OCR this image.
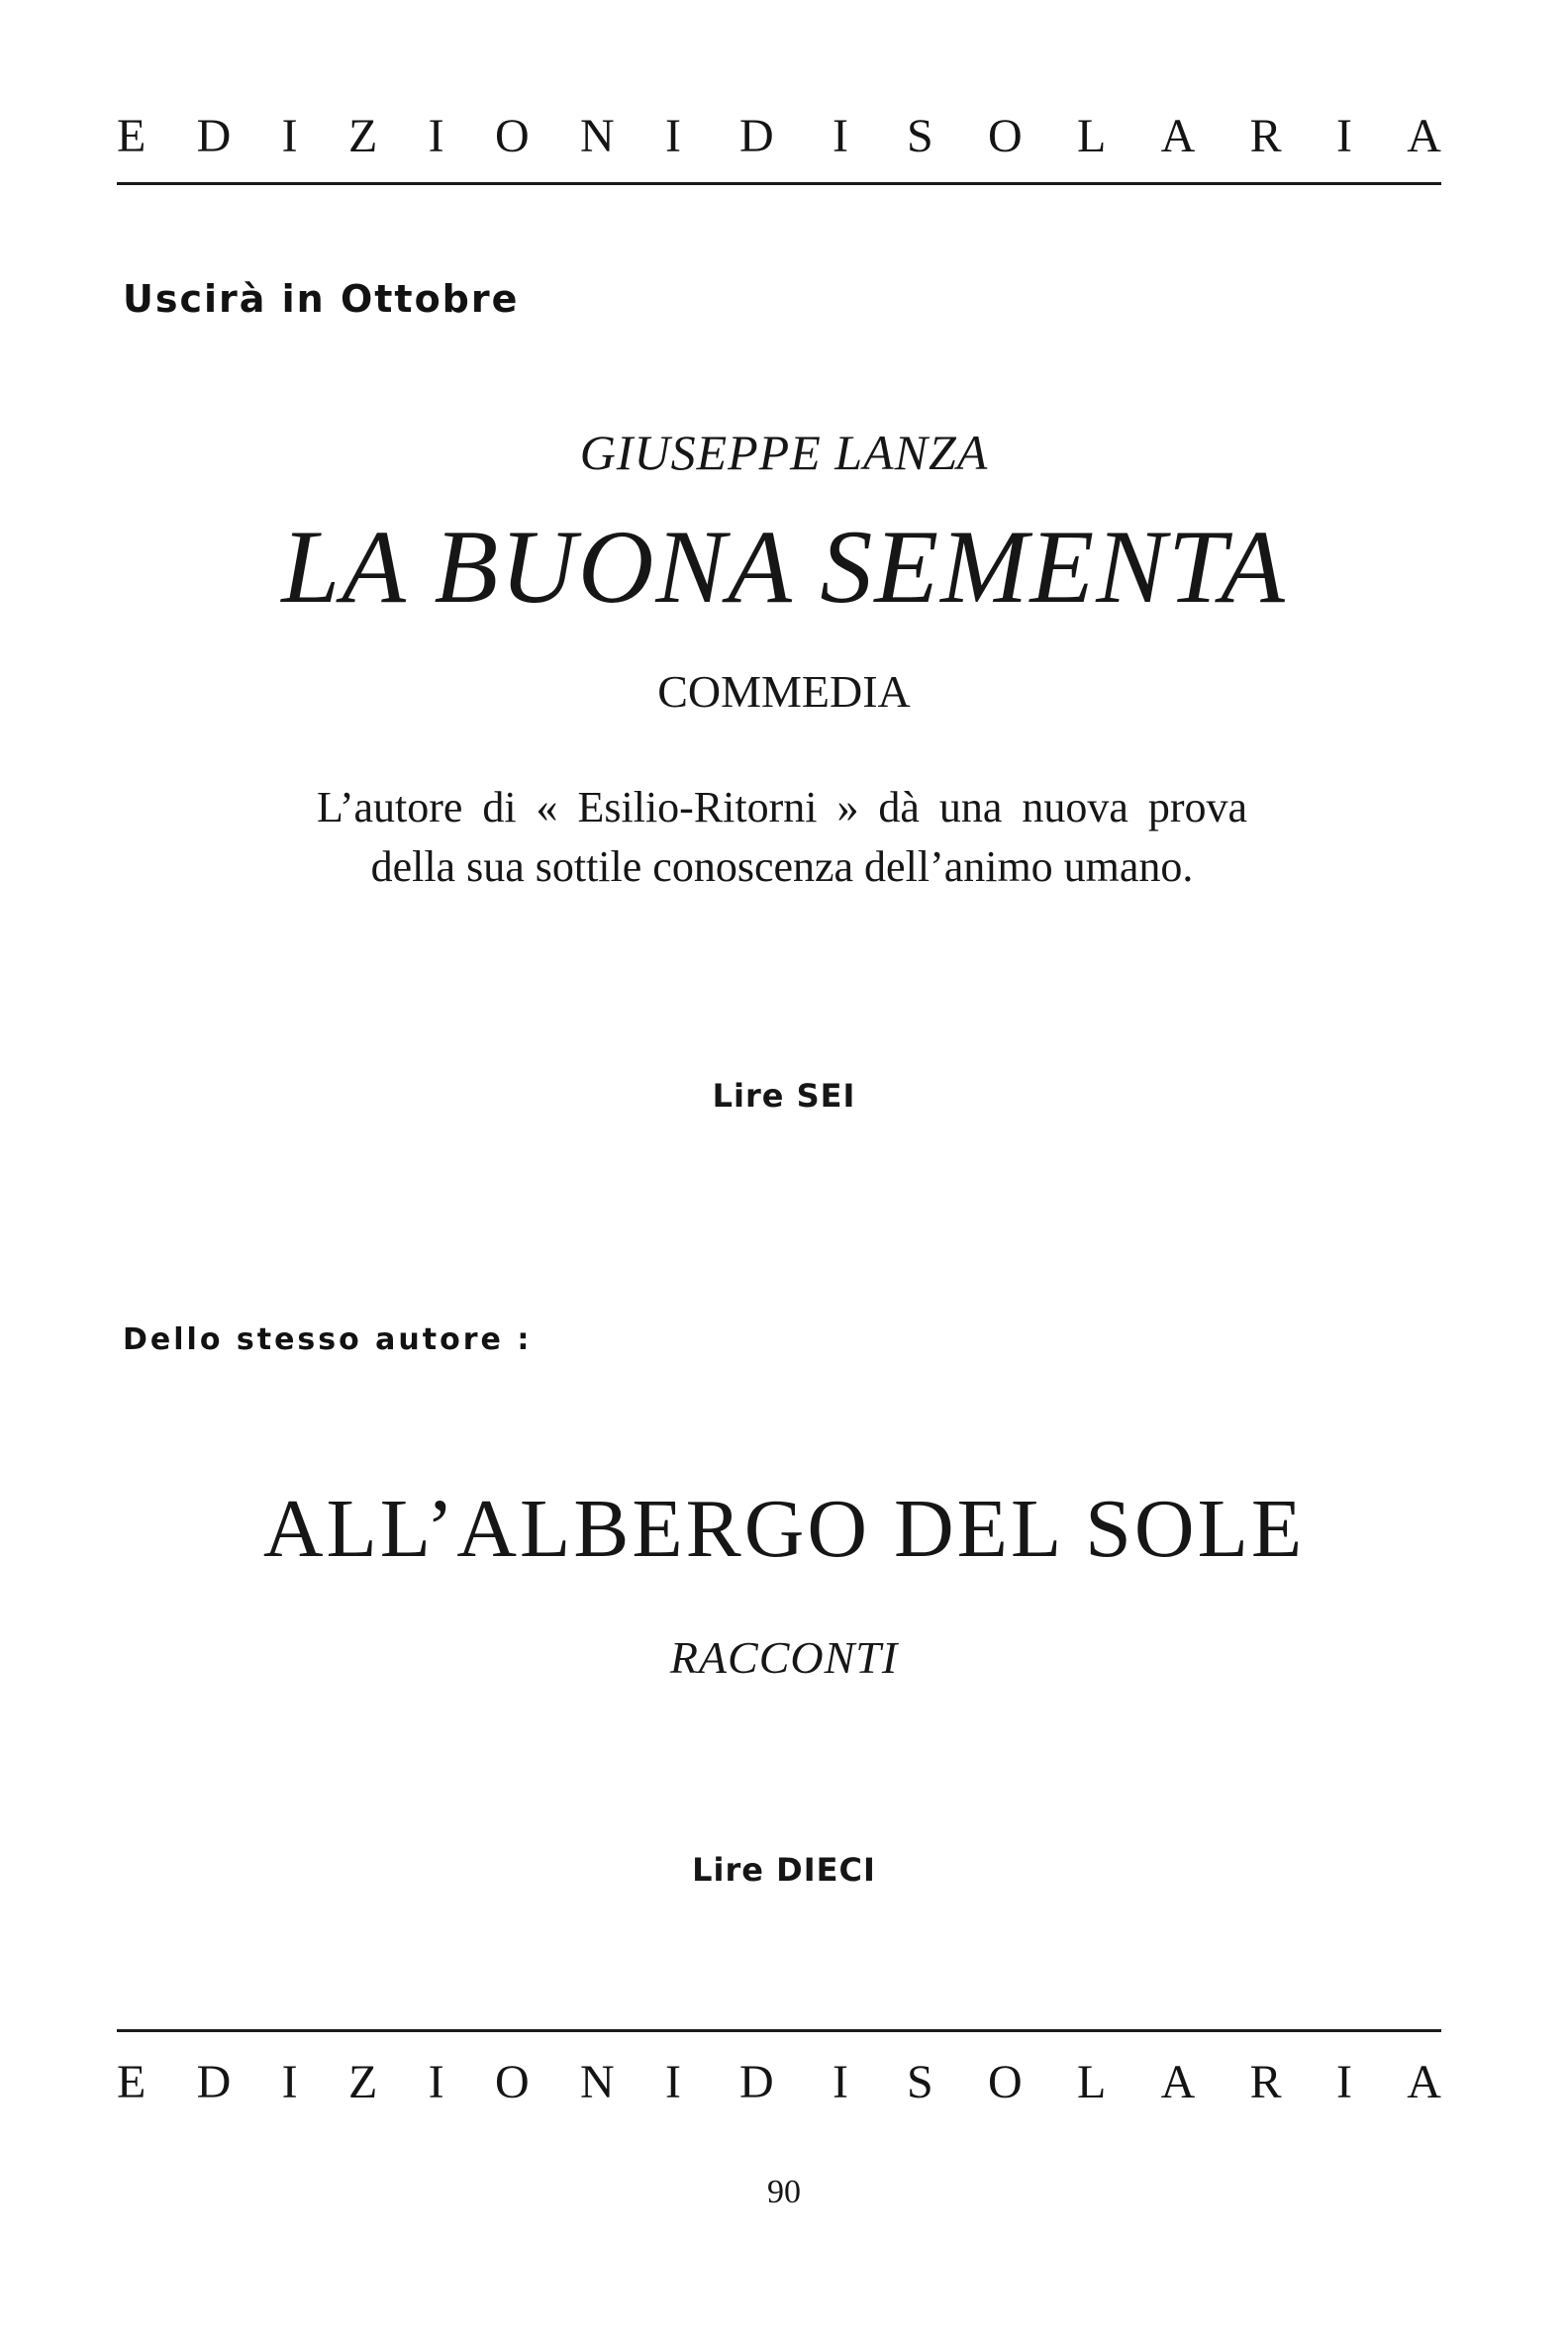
E D I Z I O N I D I S O L A R I A
Uscirà in Ottobre
GIUSEPPE LANZA
LA BUONA SEMENTA
COMMEDIA
L’autore di « Esilio-Ritorni » dà una nuova prova della sua sottile conoscenza dell’animo umano.
Lire SEI
Dello stesso autore :
ALL’ALBERGO DEL SOLE
RACCONTI
Lire DIECI
E D I Z I O N I D I S O L A R I A
90
